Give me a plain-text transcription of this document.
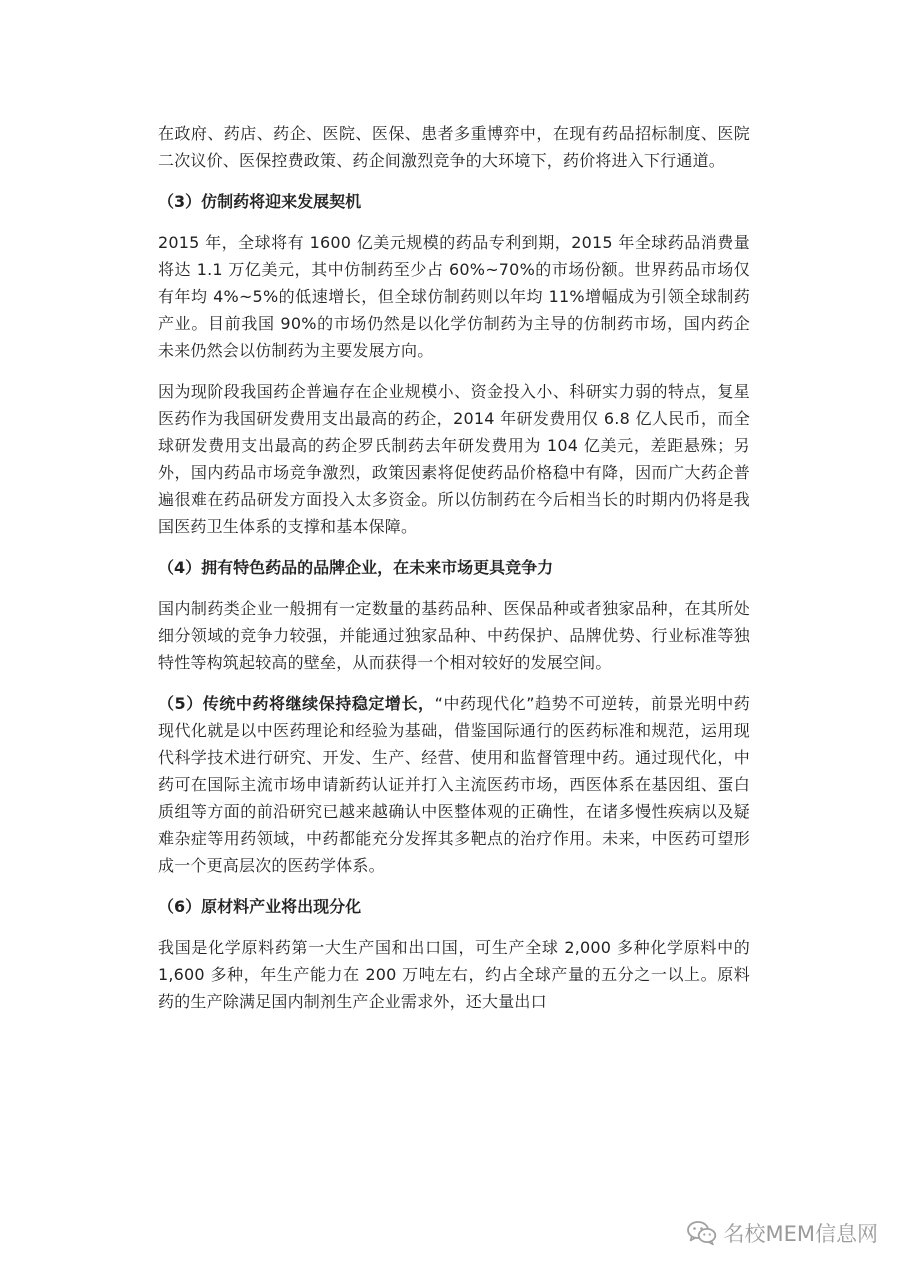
在政府、药店、药企、医院、医保、患者多重博弈中，在现有药品招标制度、医院二次议价、医保控费政策、药企间激烈竞争的大环境下，药价将进入下行通道。

（3）仿制药将迎来发展契机

2015 年，全球将有 1600 亿美元规模的药品专利到期，2015 年全球药品消费量将达 1.1 万亿美元，其中仿制药至少占 60%~70%的市场份额。世界药品市场仅有年均 4%~5%的低速增长，但全球仿制药则以年均 11%增幅成为引领全球制药产业。目前我国 90%的市场仍然是以化学仿制药为主导的仿制药市场，国内药企未来仍然会以仿制药为主要发展方向。

因为现阶段我国药企普遍存在企业规模小、资金投入小、科研实力弱的特点，复星医药作为我国研发费用支出最高的药企，2014 年研发费用仅 6.8 亿人民币，而全球研发费用支出最高的药企罗氏制药去年研发费用为 104 亿美元，差距悬殊；另外，国内药品市场竞争激烈，政策因素将促使药品价格稳中有降，因而广大药企普遍很难在药品研发方面投入太多资金。所以仿制药在今后相当长的时期内仍将是我国医药卫生体系的支撑和基本保障。

（4）拥有特色药品的品牌企业，在未来市场更具竞争力

国内制药类企业一般拥有一定数量的基药品种、医保品种或者独家品种，在其所处细分领域的竞争力较强，并能通过独家品种、中药保护、品牌优势、行业标准等独特性等构筑起较高的壁垒，从而获得一个相对较好的发展空间。

（5）传统中药将继续保持稳定增长，“中药现代化”趋势不可逆转，前景光明中药现代化就是以中医药理论和经验为基础，借鉴国际通行的医药标准和规范，运用现代科学技术进行研究、开发、生产、经营、使用和监督管理中药。通过现代化，中药可在国际主流市场申请新药认证并打入主流医药市场，西医体系在基因组、蛋白质组等方面的前沿研究已越来越确认中医整体观的正确性，在诸多慢性疾病以及疑难杂症等用药领域，中药都能充分发挥其多靶点的治疗作用。未来，中医药可望形成一个更高层次的医药学体系。

（6）原材料产业将出现分化

我国是化学原料药第一大生产国和出口国，可生产全球 2,000 多种化学原料中的 1,600 多种，年生产能力在 200 万吨左右，约占全球产量的五分之一以上。原料药的生产除满足国内制剂生产企业需求外，还大量出口

名校MEM信息网
